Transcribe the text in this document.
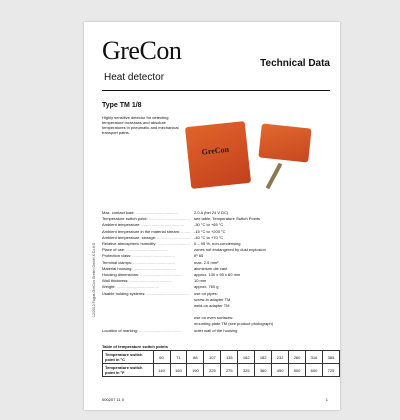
GreCon
Heat detector
Technical Data
Type TM 1/8
Highly sensitive detector for detecting temperature increases and absolute temperatures in pneumatic and mechanical transport paths.
GreCon
Max. contact load: .....	2.0 A (bei 24 V DC)
Temperature switch point: .....	see table, Temperature Switch Points
Ambient temperature: .....	-30 °C to +65 °C
Ambient temperature in the material stream: .....	-15 °C to +200 °C
Ambient temperature, storage: .....	-40 °C to +70 °C
Relative atmospheric humidity: .....	0 – 95 %, non-condensing
Place of use: .....	zones not endangered by dust explosion
Protection class: .....	IP 65
Terminal clamps: .....	max. 2.5 mm²
Material housing: .....	aluminium die cast
Housing dimensions: .....	approx. 130 x 95 x 60 mm
Wall thickness: .....	10 mm
Weight: .....	approx. 760 g
Usable holding systems: .....	use on pipes:
screw-in adapter TM
weld-on adapter TM
use on even surfaces:
mounting plate TM (see product photograph)
Location of marking: .....	outer wall of the housing
Table of temperature switch points
Temperature switch point in °C	60	71	88	107	135	162	182	232	260	316	385
Temperature switch point in °F	140	160	190	225	275	325	360	450	500	600	725
12/2013 Fagus-GreCon Greten GmbH & Co.KG
000207 11 0	1
